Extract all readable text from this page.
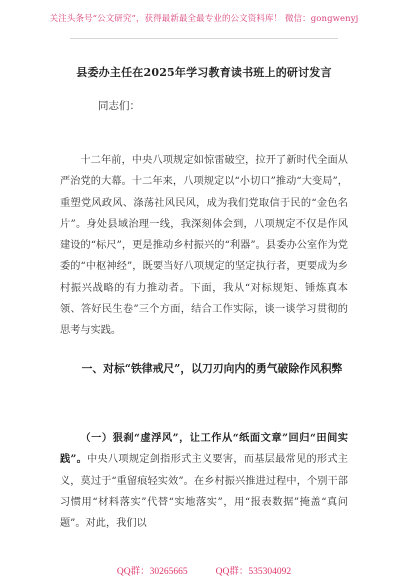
关注头条号“公文研究”，获得最新最全最专业的公文资料库！ 微信：gongwenyj
县委办主任在2025年学习教育读书班上的研讨发言
同志们：

十二年前，中央八项规定如惊雷破空，拉开了新时代全面从严治党的大幕。十二年来，八项规定以“小切口”推动“大变局”，重塑党风政风、涤荡社风民风，成为我们党取信于民的“金色名片”。身处县域治理一线，我深刻体会到，八项规定不仅是作风建设的“标尺”，更是推动乡村振兴的“利器”。县委办公室作为党委的“中枢神经”，既要当好八项规定的坚定执行者，更要成为乡村振兴战略的有力推动者。下面，我从“对标规矩、锤炼真本领、答好民生卷”三个方面，结合工作实际，谈一谈学习贯彻的思考与实践。

一、对标“铁律戒尺”，以刀刃向内的勇气破除作风积弊

（一）狠刹“虚浮风”，让工作从“纸面文章”回归“田间实践”。中央八项规定剑指形式主义要害，而基层最常见的形式主义，莫过于“重留痕轻实效”。在乡村振兴推进过程中，个别干部习惯用“材料落实”代替“实地落实”，用“报表数据”掩盖“真问题”。对此，我们以

QQ群：30265665	QQ群：535304092
